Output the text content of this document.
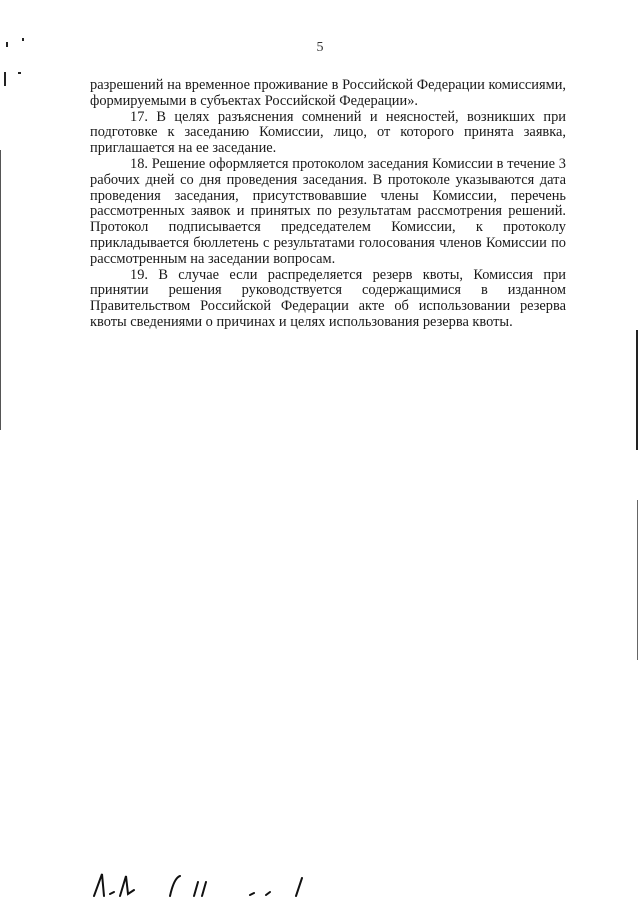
5

разрешений на временное проживание в Российской Федерации комиссиями, формируемыми в субъектах Российской Федерации».

17. В целях разъяснения сомнений и неясностей, возникших при подготовке к заседанию Комиссии, лицо, от которого принята заявка, приглашается на ее заседание.

18. Решение оформляется протоколом заседания Комиссии в течение 3 рабочих дней со дня проведения заседания. В протоколе указываются дата проведения заседания, присутствовавшие члены Комиссии, перечень рассмотренных заявок и принятых по результатам рассмотрения решений. Протокол подписывается председателем Комиссии, к протоколу прикладывается бюллетень с результатами голосования членов Комиссии по рассмотренным на заседании вопросам.

19. В случае если распределяется резерв квоты, Комиссия при принятии решения руководствуется содержащимися в изданном Правительством Российской Федерации акте об использовании резерва квоты сведениями о причинах и целях использования резерва квоты.
